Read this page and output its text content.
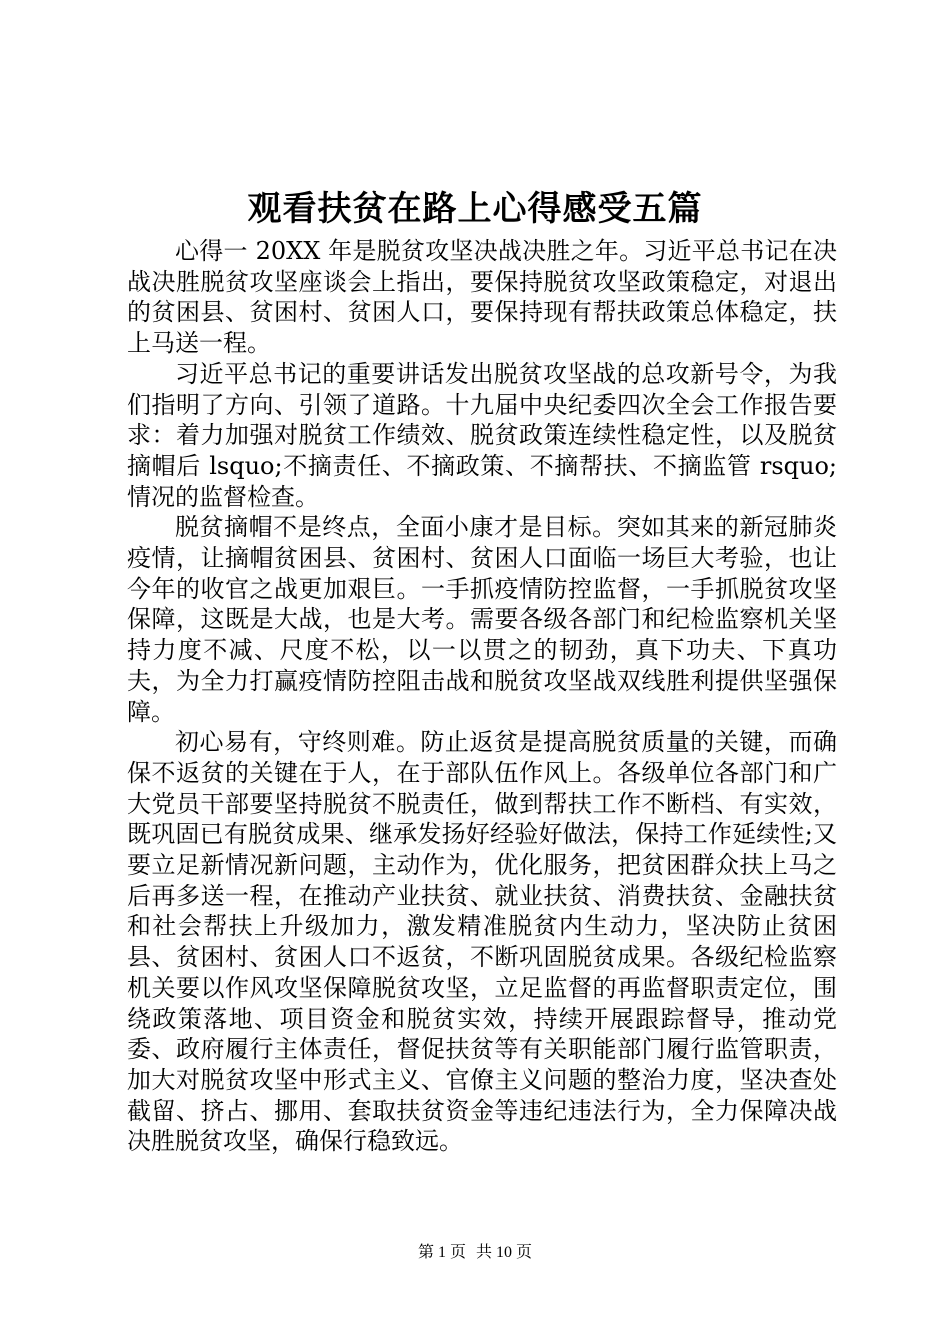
观看扶贫在路上心得感受五篇

心得一 20XX 年是脱贫攻坚决战决胜之年。习近平总书记在决战决胜脱贫攻坚座谈会上指出，要保持脱贫攻坚政策稳定，对退出的贫困县、贫困村、贫困人口，要保持现有帮扶政策总体稳定，扶上马送一程。

习近平总书记的重要讲话发出脱贫攻坚战的总攻新号令，为我们指明了方向、引领了道路。十九届中央纪委四次全会工作报告要求：着力加强对脱贫工作绩效、脱贫政策连续性稳定性，以及脱贫摘帽后 lsquo;不摘责任、不摘政策、不摘帮扶、不摘监管 rsquo;情况的监督检查。

脱贫摘帽不是终点，全面小康才是目标。突如其来的新冠肺炎疫情，让摘帽贫困县、贫困村、贫困人口面临一场巨大考验，也让今年的收官之战更加艰巨。一手抓疫情防控监督，一手抓脱贫攻坚保障，这既是大战，也是大考。需要各级各部门和纪检监察机关坚持力度不减、尺度不松，以一以贯之的韧劲，真下功夫、下真功夫，为全力打赢疫情防控阻击战和脱贫攻坚战双线胜利提供坚强保障。

初心易有，守终则难。防止返贫是提高脱贫质量的关键，而确保不返贫的关键在于人，在于部队伍作风上。各级单位各部门和广大党员干部要坚持脱贫不脱责任，做到帮扶工作不断档、有实效，既巩固已有脱贫成果、继承发扬好经验好做法，保持工作延续性;又要立足新情况新问题，主动作为，优化服务，把贫困群众扶上马之后再多送一程，在推动产业扶贫、就业扶贫、消费扶贫、金融扶贫和社会帮扶上升级加力，激发精准脱贫内生动力，坚决防止贫困县、贫困村、贫困人口不返贫，不断巩固脱贫成果。各级纪检监察机关要以作风攻坚保障脱贫攻坚，立足监督的再监督职责定位，围绕政策落地、项目资金和脱贫实效，持续开展跟踪督导，推动党委、政府履行主体责任，督促扶贫等有关职能部门履行监管职责，加大对脱贫攻坚中形式主义、官僚主义问题的整治力度，坚决查处截留、挤占、挪用、套取扶贫资金等违纪违法行为，全力保障决战决胜脱贫攻坚，确保行稳致远。

第 1 页 共 10 页
